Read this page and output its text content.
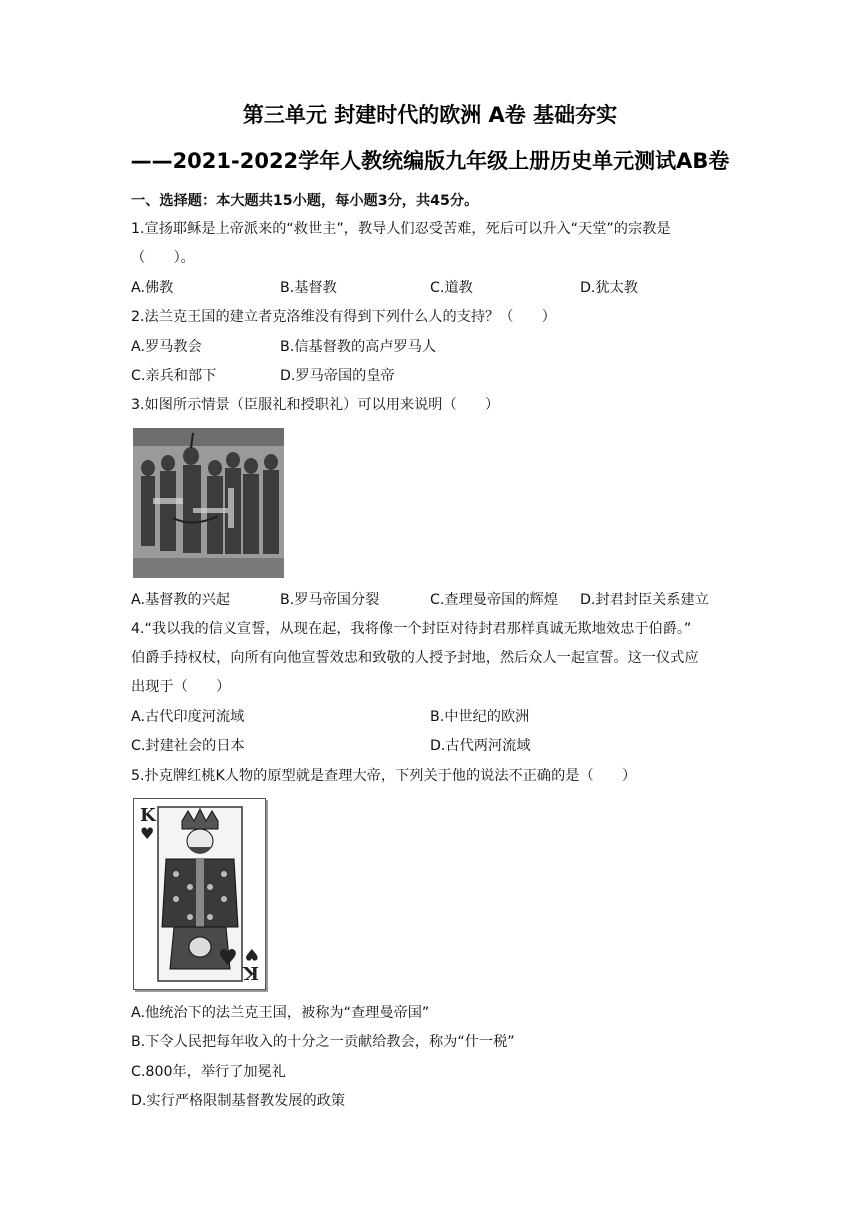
第三单元 封建时代的欧洲 A卷 基础夯实
——2021-2022学年人教统编版九年级上册历史单元测试AB卷
一、选择题：本大题共15小题，每小题3分，共45分。
1.宣扬耶稣是上帝派来的“救世主”，教导人们忍受苦难，死后可以升入“天堂”的宗教是
（　　）。
A.佛教	B.基督教	C.道教	D.犹太教
2.法兰克王国的建立者克洛维没有得到下列什么人的支持？（　　）
A.罗马教会	B.信基督教的高卢罗马人
C.亲兵和部下	D.罗马帝国的皇帝
3.如图所示情景（臣服礼和授职礼）可以用来说明（　　）
A.基督教的兴起	B.罗马帝国分裂	C.查理曼帝国的辉煌 D.封君封臣关系建立
4.“我以我的信义宣誓，从现在起，我将像一个封臣对待封君那样真诚无欺地效忠于伯爵。”
伯爵手持权杖，向所有向他宣誓效忠和致敬的人授予封地，然后众人一起宣誓。这一仪式应
出现于（　　）
A.古代印度河流域	B.中世纪的欧洲
C.封建社会的日本	D.古代两河流域
5.扑克牌红桃K人物的原型就是查理大帝，下列关于他的说法不正确的是（　　）
K
♥
♥
K
♥
A.他统治下的法兰克王国，被称为“查理曼帝国”
B.下令人民把每年收入的十分之一贡献给教会，称为“什一税”
C.800年，举行了加冕礼
D.实行严格限制基督教发展的政策
